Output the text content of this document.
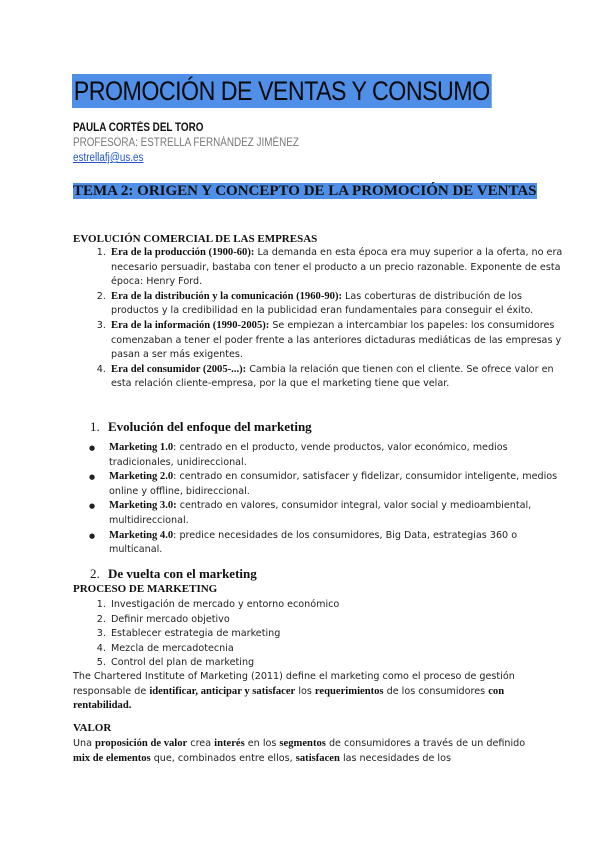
PROMOCIÓN DE VENTAS Y CONSUMO
PAULA CORTÉS DEL TORO
PROFESORA: ESTRELLA FERNÁNDEZ JIMÉNEZ
estrellafj@us.es
TEMA 2: ORIGEN Y CONCEPTO DE LA PROMOCIÓN DE VENTAS
EVOLUCIÓN COMERCIAL DE LAS EMPRESAS
1. Era de la producción (1900-60): La demanda en esta época era muy superior a la oferta, no era necesario persuadir, bastaba con tener el producto a un precio razonable. Exponente de esta época: Henry Ford.
2. Era de la distribución y la comunicación (1960-90): Las coberturas de distribución de los productos y la credibilidad en la publicidad eran fundamentales para conseguir el éxito.
3. Era de la información (1990-2005): Se empiezan a intercambiar los papeles: los consumidores comenzaban a tener el poder frente a las anteriores dictaduras mediáticas de las empresas y pasan a ser más exigentes.
4. Era del consumidor (2005-...): Cambia la relación que tienen con el cliente. Se ofrece valor en esta relación cliente-empresa, por la que el marketing tiene que velar.
1. Evolución del enfoque del marketing
● Marketing 1.0: centrado en el producto, vende productos, valor económico, medios tradicionales, unidireccional.
● Marketing 2.0: centrado en consumidor, satisfacer y fidelizar, consumidor inteligente, medios online y offline, bidireccional.
● Marketing 3.0: centrado en valores, consumidor integral, valor social y medioambiental, multidireccional.
● Marketing 4.0: predice necesidades de los consumidores, Big Data, estrategias 360 o multicanal.
2. De vuelta con el marketing
PROCESO DE MARKETING
1. Investigación de mercado y entorno económico
2. Definir mercado objetivo
3. Establecer estrategia de marketing
4. Mezcla de mercadotecnia
5. Control del plan de marketing

The Chartered Institute of Marketing (2011) define el marketing como el proceso de gestión responsable de identificar, anticipar y satisfacer los requerimientos de los consumidores con rentabilidad.

VALOR

Una proposición de valor crea interés en los segmentos de consumidores a través de un definido mix de elementos que, combinados entre ellos, satisfacen las necesidades de los
